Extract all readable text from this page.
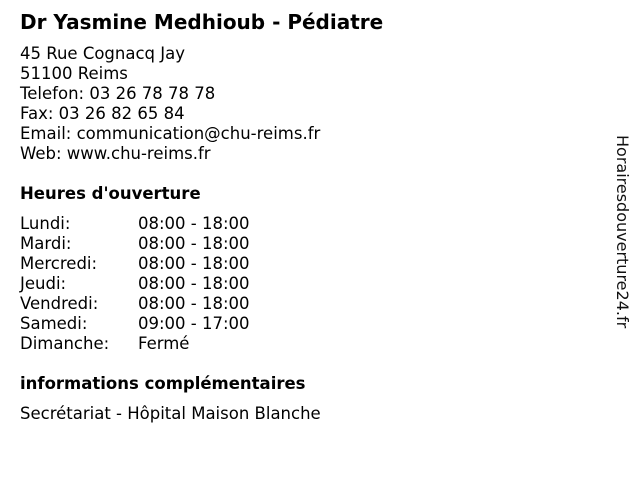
Dr Yasmine Medhioub - Pédiatre
45 Rue Cognacq Jay
51100 Reims
Telefon: 03 26 78 78 78
Fax: 03 26 82 65 84
Email: communication@chu-reims.fr
Web: www.chu-reims.fr
Heures d'ouverture
Lundi:	08:00 - 18:00
Mardi:	08:00 - 18:00
Mercredi:	08:00 - 18:00
Jeudi:	08:00 - 18:00
Vendredi:	08:00 - 18:00
Samedi:	09:00 - 17:00
Dimanche:	Fermé
informations complémentaires
Secrétariat - Hôpital Maison Blanche
Horairesdouverture24.fr
